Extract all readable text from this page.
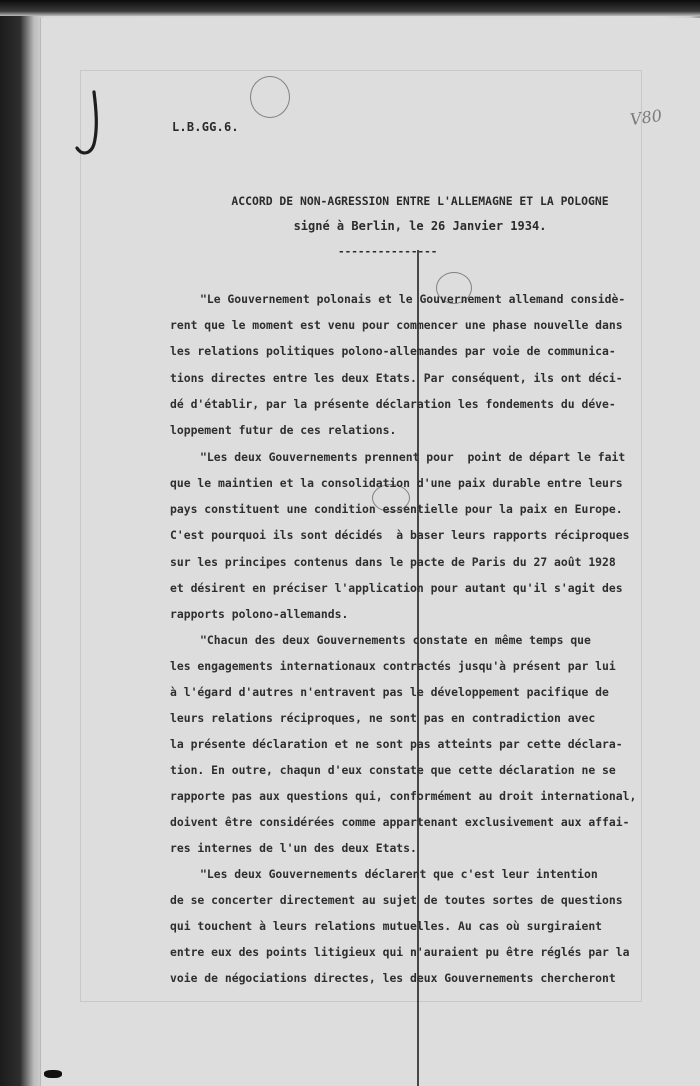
L.B.GG.6.	V80
ACCORD DE NON-AGRESSION ENTRE L'ALLEMAGNE ET LA POLOGNE
signé à Berlin, le 26 Janvier 1934.
---------------
"Le Gouvernement polonais et le Gouvernement allemand considè-
rent que le moment est venu pour commencer une phase nouvelle dans
les relations politiques polono-allemandes par voie de communica-
tions directes entre les deux Etats. Par conséquent, ils ont déci-
dé d'établir, par la présente déclaration les fondements du déve-
loppement futur de ces relations.
"Les deux Gouvernements prennent pour  point de départ le fait
que le maintien et la consolidation d'une paix durable entre leurs
pays constituent une condition essentielle pour la paix en Europe.
C'est pourquoi ils sont décidés  à baser leurs rapports réciproques
sur les principes contenus dans le pacte de Paris du 27 août 1928
et désirent en préciser l'application pour autant qu'il s'agit des
rapports polono-allemands.
"Chacun des deux Gouvernements constate en même temps que
les engagements internationaux contractés jusqu'à présent par lui
à l'égard d'autres n'entravent pas le développement pacifique de
leurs relations réciproques, ne sont pas en contradiction avec
la présente déclaration et ne sont pas atteints par cette déclara-
tion. En outre, chaqun d'eux constate que cette déclaration ne se
rapporte pas aux questions qui, conformément au droit international,
doivent être considérées comme appartenant exclusivement aux affai-
res internes de l'un des deux Etats.
"Les deux Gouvernements déclarent que c'est leur intention
de se concerter directement au sujet de toutes sortes de questions
qui touchent à leurs relations mutuelles. Au cas où surgiraient
entre eux des points litigieux qui n'auraient pu être réglés par la
voie de négociations directes, les deux Gouvernements chercheront
